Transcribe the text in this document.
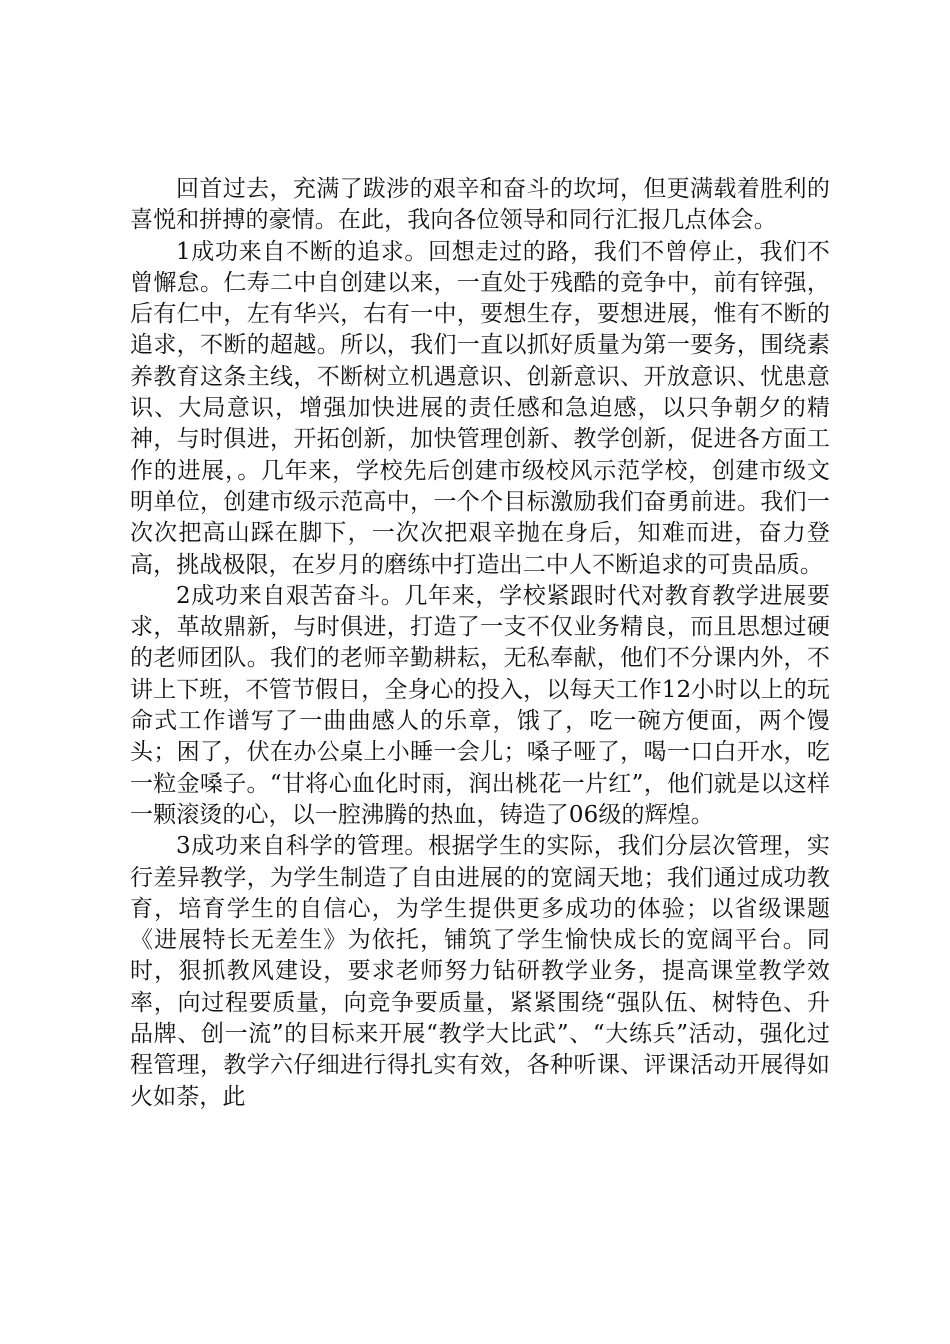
回首过去，充满了跋涉的艰辛和奋斗的坎坷，但更满载着胜利的喜悦和拼搏的豪情。在此，我向各位领导和同行汇报几点体会。

1成功来自不断的追求。回想走过的路，我们不曾停止，我们不曾懈怠。仁寿二中自创建以来，一直处于残酷的竞争中，前有锌强，后有仁中，左有华兴，右有一中，要想生存，要想进展，惟有不断的追求，不断的超越。所以，我们一直以抓好质量为第一要务，围绕素养教育这条主线，不断树立机遇意识、创新意识、开放意识、忧患意识、大局意识，增强加快进展的责任感和急迫感，以只争朝夕的精神，与时俱进，开拓创新，加快管理创新、教学创新，促进各方面工作的进展，。几年来，学校先后创建市级校风示范学校，创建市级文明单位，创建市级示范高中，一个个目标激励我们奋勇前进。我们一次次把高山踩在脚下，一次次把艰辛抛在身后，知难而进，奋力登高，挑战极限，在岁月的磨练中打造出二中人不断追求的可贵品质。

2成功来自艰苦奋斗。几年来，学校紧跟时代对教育教学进展要求，革故鼎新，与时俱进，打造了一支不仅业务精良，而且思想过硬的老师团队。我们的老师辛勤耕耘，无私奉献，他们不分课内外，不讲上下班，不管节假日，全身心的投入，以每天工作12小时以上的玩命式工作谱写了一曲曲感人的乐章，饿了，吃一碗方便面，两个馒头；困了，伏在办公桌上小睡一会儿；嗓子哑了，喝一口白开水，吃一粒金嗓子。“甘将心血化时雨，润出桃花一片红”，他们就是以这样一颗滚烫的心，以一腔沸腾的热血，铸造了06级的辉煌。

3成功来自科学的管理。根据学生的实际，我们分层次管理，实行差异教学，为学生制造了自由进展的的宽阔天地；我们通过成功教育，培育学生的自信心，为学生提供更多成功的体验；以省级课题《进展特长无差生》为依托，铺筑了学生愉快成长的宽阔平台。同时，狠抓教风建设，要求老师努力钻研教学业务，提高课堂教学效率，向过程要质量，向竞争要质量，紧紧围绕“强队伍、树特色、升品牌、创一流”的目标来开展“教学大比武”、“大练兵”活动，强化过程管理，教学六仔细进行得扎实有效，各种听课、评课活动开展得如火如荼，此
